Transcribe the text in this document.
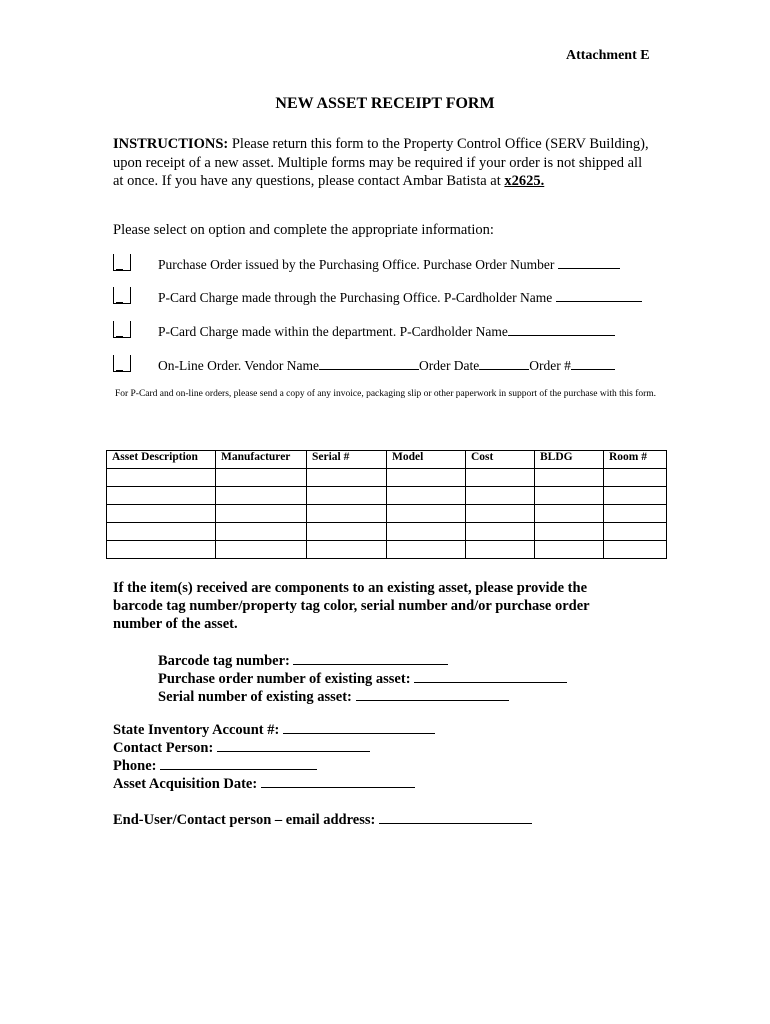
Attachment E
NEW ASSET RECEIPT FORM
INSTRUCTIONS: Please return this form to the Property Control Office (SERV Building), upon receipt of a new asset. Multiple forms may be required if your order is not shipped all at once. If you have any questions, please contact Ambar Batista at x2625.
Please select on option and complete the appropriate information:
Purchase Order issued by the Purchasing Office. Purchase Order Number
P-Card Charge made through the Purchasing Office. P-Cardholder Name
P-Card Charge made within the department. P-Cardholder Name
On-Line Order. Vendor Name	Order Date	Order #
For P-Card and on-line orders, please send a copy of any invoice, packaging slip or other paperwork in support of the purchase with this form.
Asset Description	Manufacturer	Serial #	Model	Cost	BLDG	Room #

If the item(s) received are components to an existing asset, please provide the barcode tag number/property tag color, serial number and/or purchase order number of the asset.
Barcode tag number:
Purchase order number of existing asset:
Serial number of existing asset:
State Inventory Account #:
Contact Person:
Phone:
Asset Acquisition Date:
End-User/Contact person – email address:
